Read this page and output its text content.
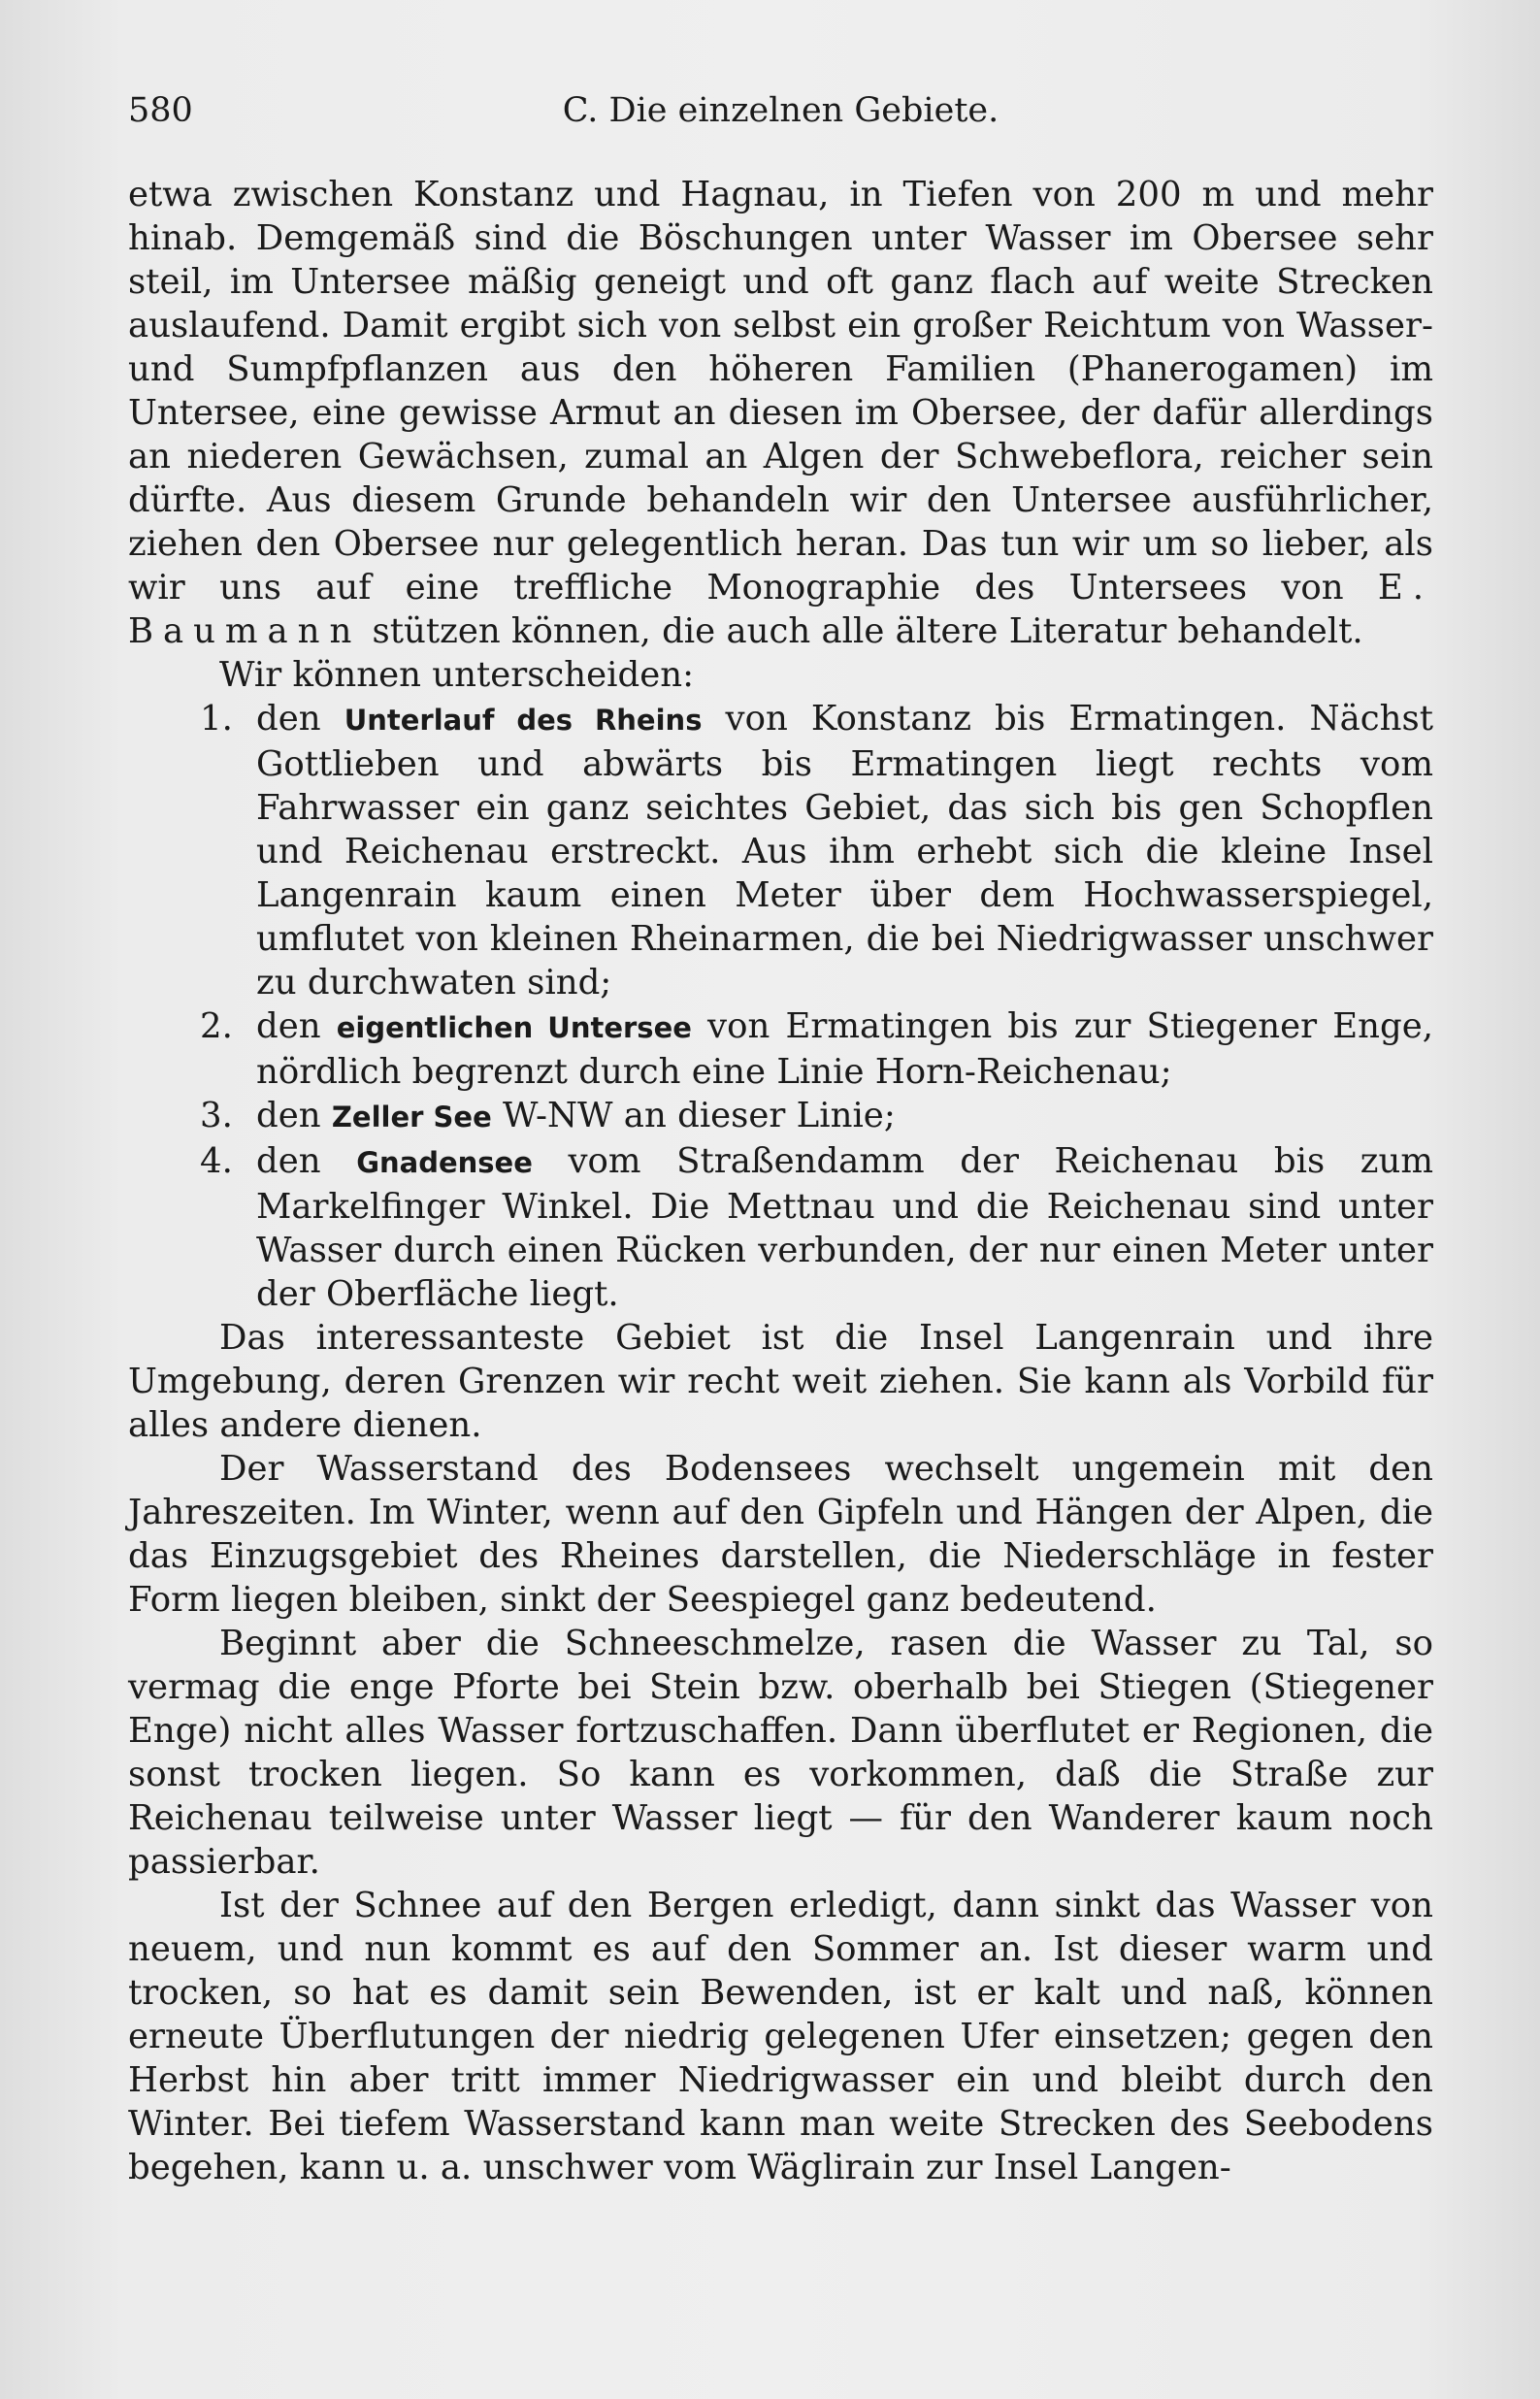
580	C. Die einzelnen Gebiete.

etwa zwischen Konstanz und Hagnau, in Tiefen von 200 m und mehr hinab. Demgemäß sind die Böschungen unter Wasser im Obersee sehr steil, im Untersee mäßig geneigt und oft ganz flach auf weite Strecken auslaufend. Damit ergibt sich von selbst ein großer Reichtum von Wasser- und Sumpfpflanzen aus den höheren Familien (Phanerogamen) im Untersee, eine gewisse Armut an diesen im Obersee, der dafür allerdings an niederen Gewächsen, zumal an Algen der Schwebeflora, reicher sein dürfte. Aus diesem Grunde behandeln wir den Untersee ausführlicher, ziehen den Obersee nur gelegentlich heran. Das tun wir um so lieber, als wir uns auf eine treffliche Monographie des Untersees von E. Baumann stützen können, die auch alle ältere Literatur behandelt.

Wir können unterscheiden:

1. den Unterlauf des Rheins von Konstanz bis Ermatingen. Nächst Gottlieben und abwärts bis Ermatingen liegt rechts vom Fahrwasser ein ganz seichtes Gebiet, das sich bis gen Schopflen und Reichenau erstreckt. Aus ihm erhebt sich die kleine Insel Langenrain kaum einen Meter über dem Hochwasserspiegel, umflutet von kleinen Rheinarmen, die bei Niedrigwasser unschwer zu durchwaten sind;
2. den eigentlichen Untersee von Ermatingen bis zur Stiegener Enge, nördlich begrenzt durch eine Linie Horn-Reichenau;
3. den Zeller See W-NW an dieser Linie;
4. den Gnadensee vom Straßendamm der Reichenau bis zum Markelfinger Winkel. Die Mettnau und die Reichenau sind unter Wasser durch einen Rücken verbunden, der nur einen Meter unter der Oberfläche liegt.

Das interessanteste Gebiet ist die Insel Langenrain und ihre Umgebung, deren Grenzen wir recht weit ziehen. Sie kann als Vorbild für alles andere dienen.

Der Wasserstand des Bodensees wechselt ungemein mit den Jahreszeiten. Im Winter, wenn auf den Gipfeln und Hängen der Alpen, die das Einzugsgebiet des Rheines darstellen, die Niederschläge in fester Form liegen bleiben, sinkt der Seespiegel ganz bedeutend.

Beginnt aber die Schneeschmelze, rasen die Wasser zu Tal, so vermag die enge Pforte bei Stein bzw. oberhalb bei Stiegen (Stiegener Enge) nicht alles Wasser fortzuschaffen. Dann überflutet er Regionen, die sonst trocken liegen. So kann es vorkommen, daß die Straße zur Reichenau teilweise unter Wasser liegt — für den Wanderer kaum noch passierbar.

Ist der Schnee auf den Bergen erledigt, dann sinkt das Wasser von neuem, und nun kommt es auf den Sommer an. Ist dieser warm und trocken, so hat es damit sein Bewenden, ist er kalt und naß, können erneute Überflutungen der niedrig gelegenen Ufer einsetzen; gegen den Herbst hin aber tritt immer Niedrigwasser ein und bleibt durch den Winter. Bei tiefem Wasserstand kann man weite Strecken des Seebodens begehen, kann u. a. unschwer vom Wäglirain zur Insel Langen-
